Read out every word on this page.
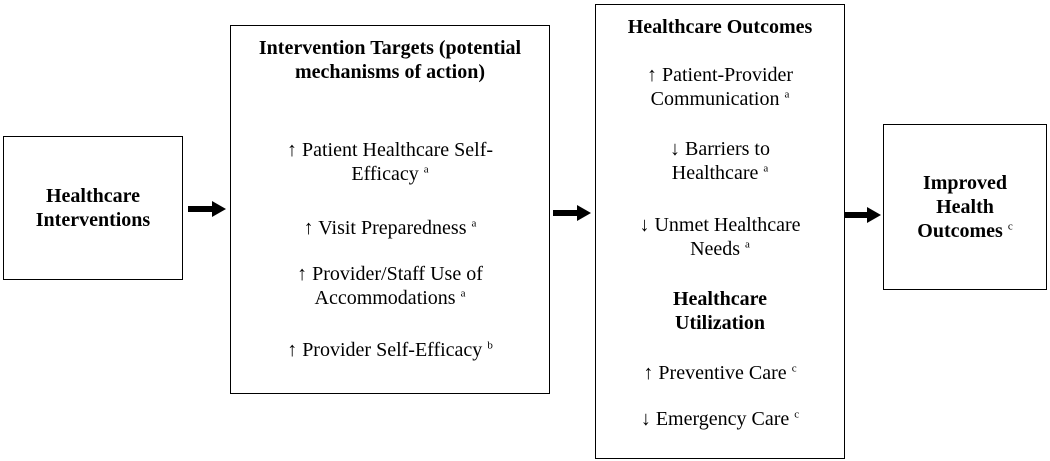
Healthcare Interventions
Intervention Targets (potential mechanisms of action)
↑ Patient Healthcare Self-Efficacy $^a$
↑ Visit Preparedness $^a$
↑ Provider/Staff Use of Accommodations $^a$
↑ Provider Self-Efficacy $^b$
Healthcare Outcomes
↑ Patient-Provider Communication $^a$
↓ Barriers to Healthcare $^a$
↓ Unmet Healthcare Needs $^a$
Healthcare Utilization
↑ Preventive Care $^c$
↓ Emergency Care $^c$
Improved Health Outcomes $^c$
